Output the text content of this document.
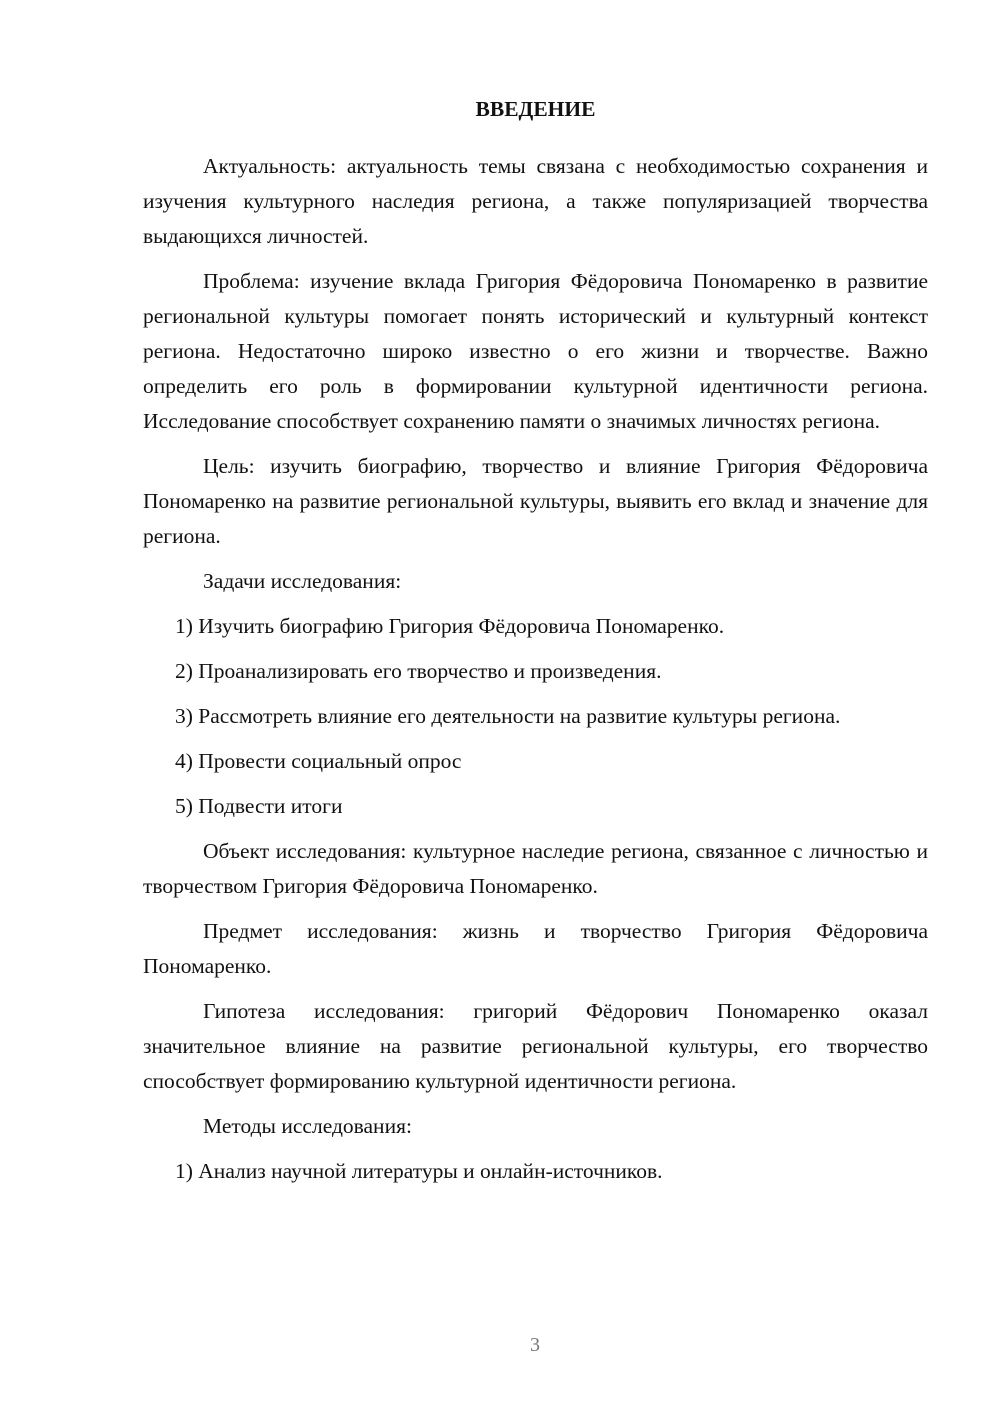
ВВЕДЕНИЕ

Актуальность: актуальность темы связана с необходимостью сохранения и изучения культурного наследия региона, а также популяризацией творчества выдающихся личностей.

Проблема: изучение вклада Григория Фёдоровича Пономаренко в развитие региональной культуры помогает понять исторический и культурный контекст региона. Недостаточно широко известно о его жизни и творчестве. Важно определить его роль в формировании культурной идентичности региона. Исследование способствует сохранению памяти о значимых личностях региона.

Цель: изучить биографию, творчество и влияние Григория Фёдоровича Пономаренко на развитие региональной культуры, выявить его вклад и значение для региона.

Задачи исследования:

1) Изучить биографию Григория Фёдоровича Пономаренко.

2) Проанализировать его творчество и произведения.

3) Рассмотреть влияние его деятельности на развитие культуры региона.

4) Провести социальный опрос

5) Подвести итоги

Объект исследования: культурное наследие региона, связанное с личностью и творчеством Григория Фёдоровича Пономаренко.

Предмет исследования: жизнь и творчество Григория Фёдоровича Пономаренко.

Гипотеза исследования: григорий Фёдорович Пономаренко оказал значительное влияние на развитие региональной культуры, его творчество способствует формированию культурной идентичности региона.

Методы исследования:

1) Анализ научной литературы и онлайн-источников.

3
